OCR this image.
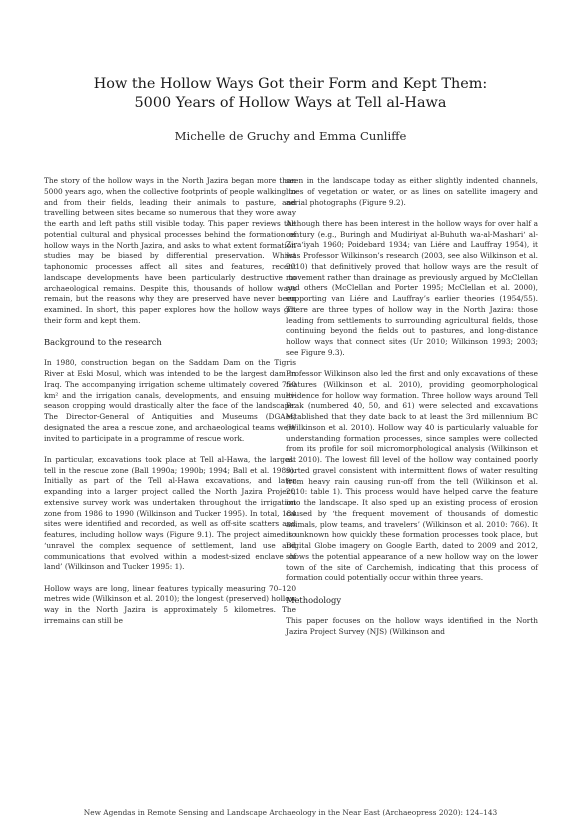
How the Hollow Ways Got their Form and Kept Them:
5000 Years of Hollow Ways at Tell al-Hawa
Michelle de Gruchy and Emma Cunliffe

The story of the hollow ways in the North Jazira began more than 5000 years ago, when the collective footprints of people walking to and from their fields, leading their animals to pasture, and travelling between sites became so numerous that they wore away the earth and left paths still visible today. This paper reviews the potential cultural and physical processes behind the formation of hollow ways in the North Jazira, and asks to what extent formation studies may be biased by differential preservation. Whilst taphonomic processes affect all sites and features, recent landscape developments have been particularly destructive to archaeological remains. Despite this, thousands of hollow ways remain, but the reasons why they are preserved have never been examined. In short, this paper explores how the hollow ways got their form and kept them.

Background to the research

In 1980, construction began on the Saddam Dam on the Tigris River at Eski Mosul, which was intended to be the largest dam in Iraq. The accompanying irrigation scheme ultimately covered 750 km² and the irrigation canals, developments, and ensuing multi-season cropping would drastically alter the face of the landscape. The Director-General of Antiquities and Museums (DGAM) designated the area a rescue zone, and archaeological teams were invited to participate in a programme of rescue work.

In particular, excavations took place at Tell al-Hawa, the largest tell in the rescue zone (Ball 1990a; 1990b; 1994; Ball et al. 1989). Initially as part of the Tell al-Hawa excavations, and later expanding into a larger project called the North Jazira Project, extensive survey work was undertaken throughout the irrigation zone from 1986 to 1990 (Wilkinson and Tucker 1995). In total, 184 sites were identified and recorded, as well as off-site scatters and features, including hollow ways (Figure 9.1). The project aimed to ‘unravel the complex sequence of settlement, land use and communications that evolved within a modest-sized enclave of land’ (Wilkinson and Tucker 1995: 1).

Hollow ways are long, linear features typically measuring 70–120 metres wide (Wilkinson et al. 2010); the longest (preserved) hollow way in the North Jazira is approximately 5 kilometres. The irremains can still be

seen in the landscape today as either slightly indented channels, lines of vegetation or water, or as lines on satellite imagery and aerial photographs (Figure 9.2).

Although there has been interest in the hollow ways for over half a century (e.g., Buringh and Mudiriyat al-Buhuth wa-al-Mashari‘ al-Zira‘iyah 1960; Poidebard 1934; van Liére and Lauffray 1954), it was Professor Wilkinson’s research (2003, see also Wilkinson et al. 2010) that definitively proved that hollow ways are the result of movement rather than drainage as previously argued by McClellan and others (McClellan and Porter 1995; McClellan et al. 2000), supporting van Liére and Lauffray’s earlier theories (1954/55). There are three types of hollow way in the North Jazira: those leading from settlements to surrounding agricultural fields, those continuing beyond the fields out to pastures, and long-distance hollow ways that connect sites (Ur 2010; Wilkinson 1993; 2003; see Figure 9.3).

Professor Wilkinson also led the first and only excavations of these features (Wilkinson et al. 2010), providing geomorphological evidence for hollow way formation. Three hollow ways around Tell Brak (numbered 40, 50, and 61) were selected and excavations established that they date back to at least the 3rd millennium BC (Wilkinson et al. 2010). Hollow way 40 is particularly valuable for understanding formation processes, since samples were collected from its profile for soil micromorphological analysis (Wilkinson et al. 2010). The lowest fill level of the hollow way contained poorly sorted gravel consistent with intermittent flows of water resulting from heavy rain causing run-off from the tell (Wilkinson et al. 2010: table 1). This process would have helped carve the feature into the landscape. It also sped up an existing process of erosion caused by ‘the frequent movement of thousands of domestic animals, plow teams, and travelers’ (Wilkinson et al. 2010: 766). It is unknown how quickly these formation processes took place, but Digital Globe imagery on Google Earth, dated to 2009 and 2012, shows the potential appearance of a new hollow way on the lower town of the site of Carchemish, indicating that this process of formation could potentially occur within three years.

Methodology

This paper focuses on the hollow ways identified in the North Jazira Project Survey (NJS) (Wilkinson and

New Agendas in Remote Sensing and Landscape Archaeology in the Near East (Archaeopress 2020): 124–143
